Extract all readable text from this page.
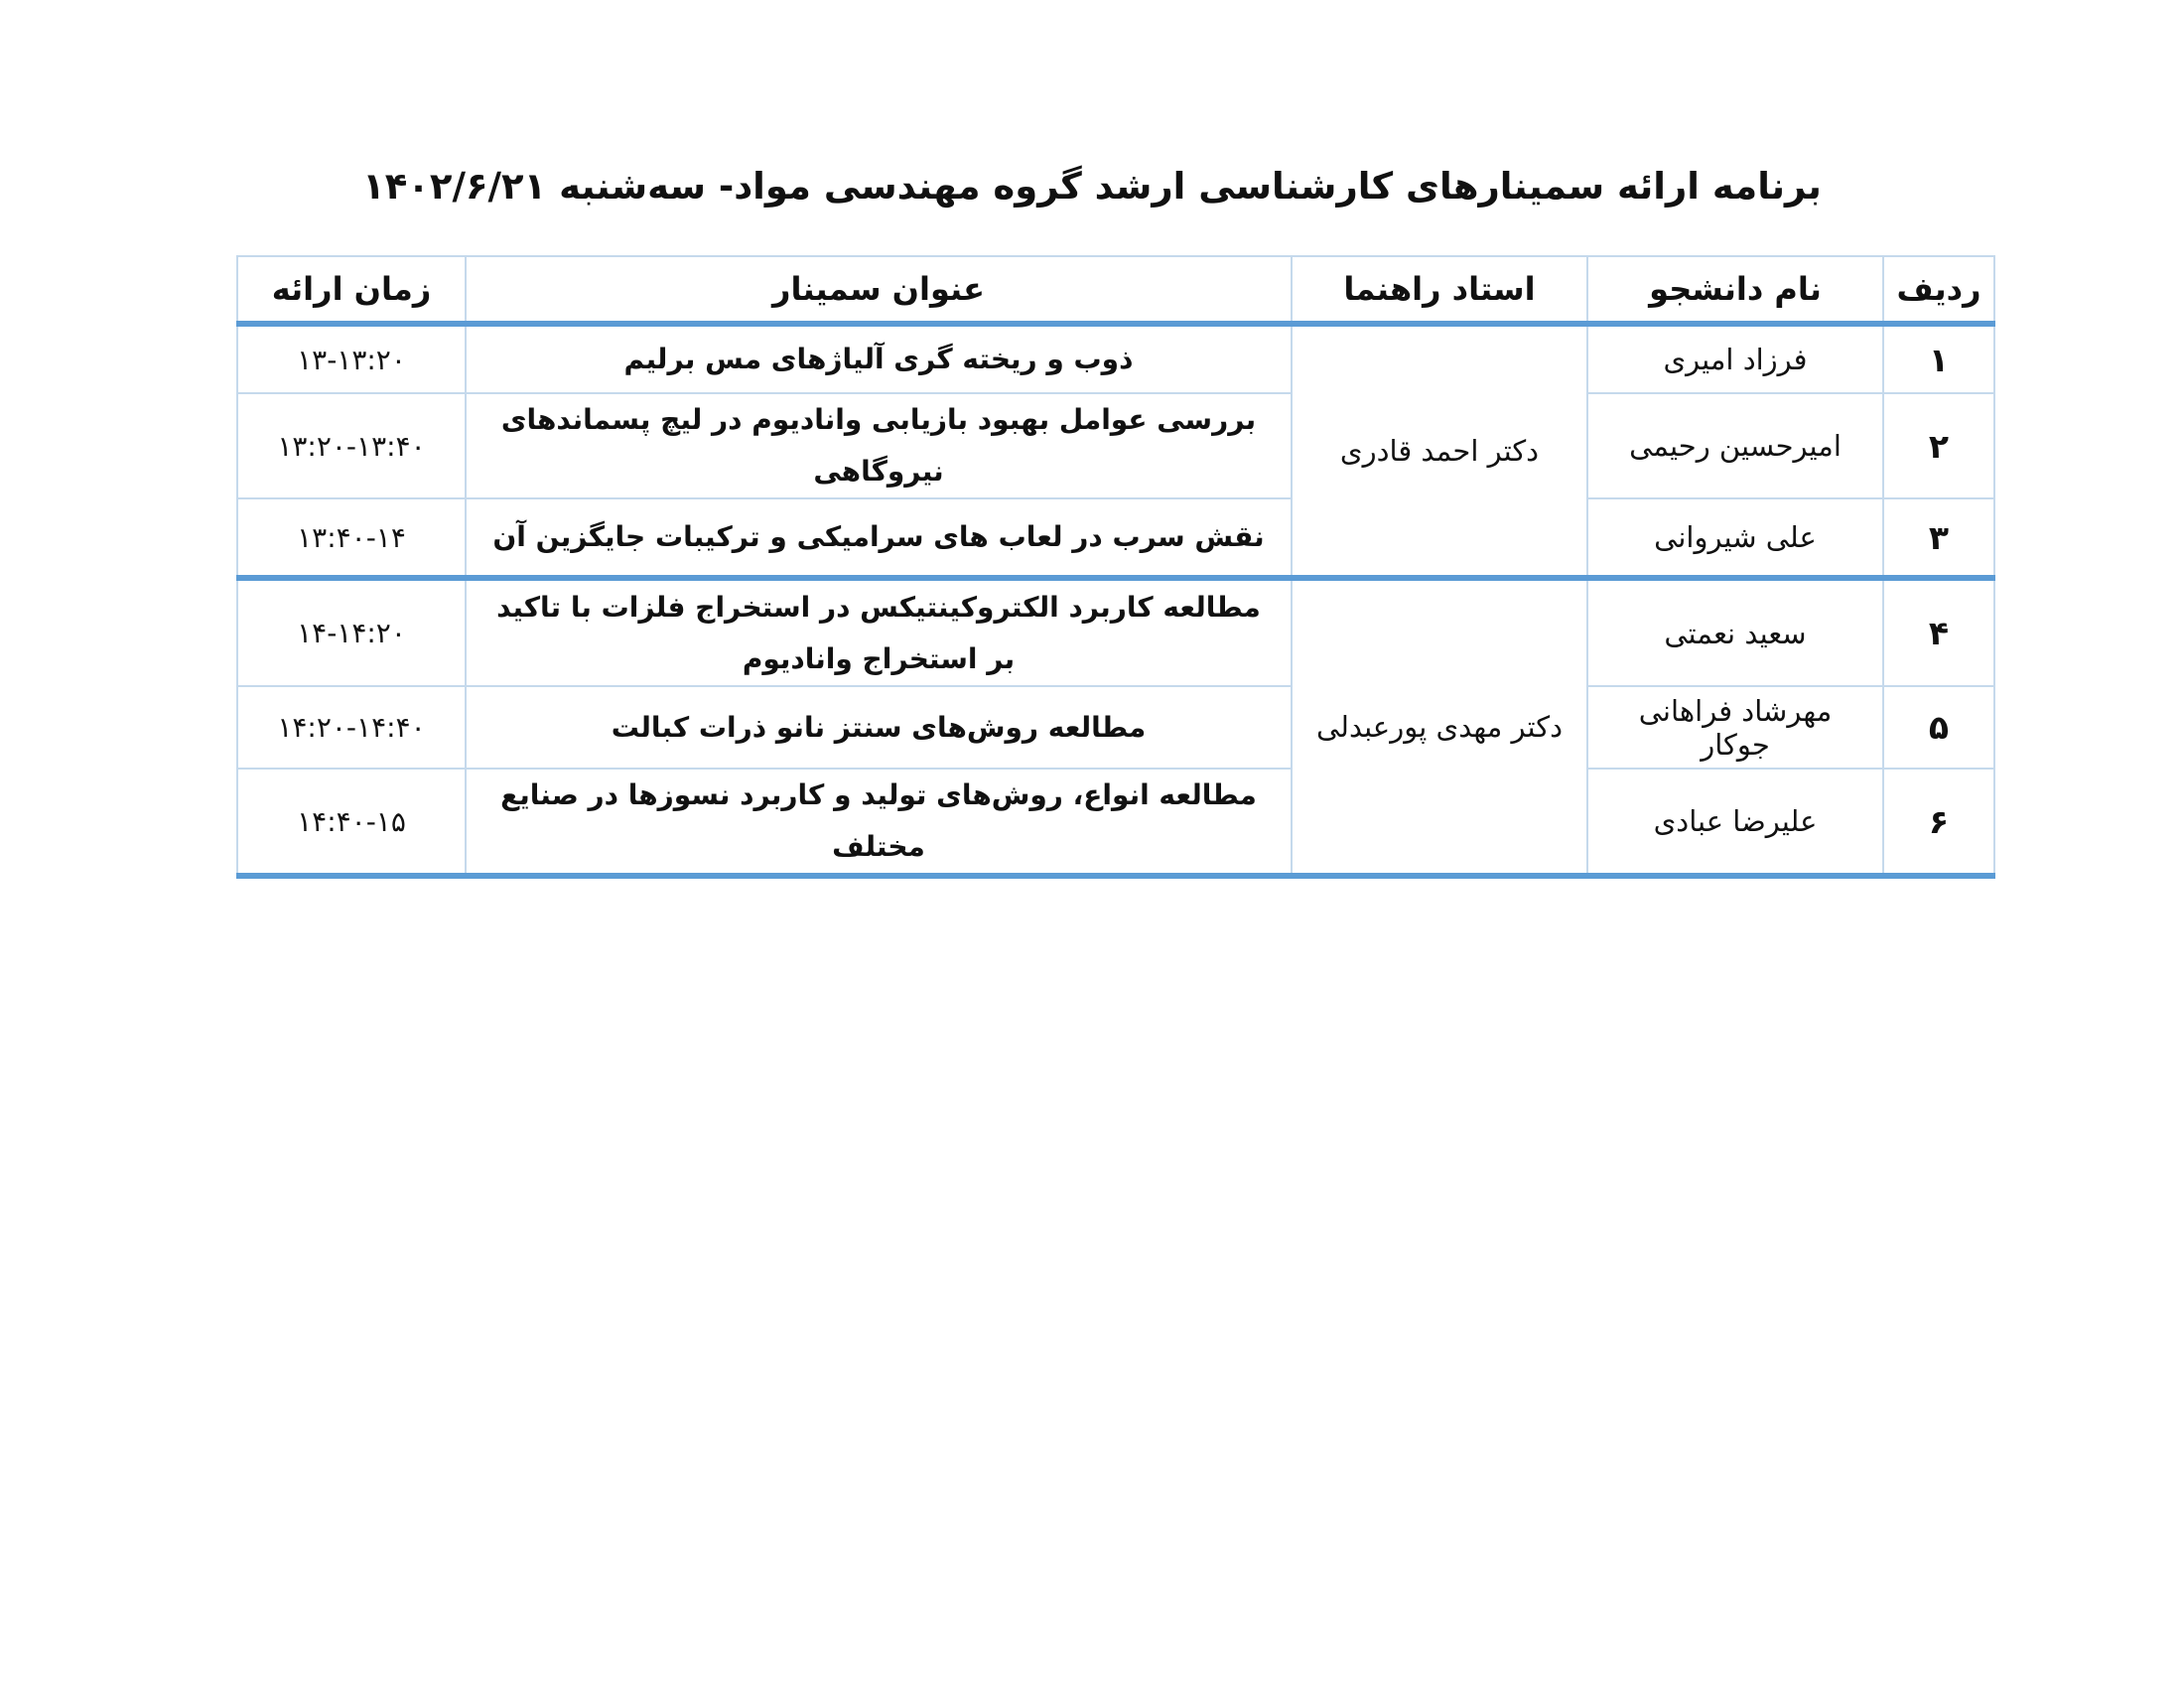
برنامه ارائه سمینارهای کارشناسی ارشد گروه مهندسی مواد- سه‌شنبه ۱۴۰۲/۶/۲۱
ردیف	نام دانشجو	استاد راهنما	عنوان سمینار	زمان ارائه
۱	فرزاد امیری	دکتر احمد قادری	ذوب و ریخته گری آلیاژهای مس برلیم	۱۳-۱۳:۲۰
۲	امیرحسین رحیمی		بررسی عوامل بهبود بازیابی وانادیوم در لیچ پسماندهای نیروگاهی	۱۳:۲۰-۱۳:۴۰
۳	علی شیروانی		نقش سرب در لعاب های سرامیکی و ترکیبات جایگزین آن	۱۳:۴۰-۱۴
۴	سعید نعمتی	دکتر مهدی پورعبدلی	مطالعه کاربرد الکتروکینتیکس در استخراج فلزات با تاکید بر استخراج وانادیوم	۱۴-۱۴:۲۰
۵	مهرشاد فراهانی جوکار		مطالعه روش‌های سنتز نانو ذرات کبالت	۱۴:۲۰-۱۴:۴۰
۶	علیرضا عبادی		مطالعه انواع، روش‌های تولید و کاربرد نسوزها در صنایع مختلف	۱۴:۴۰-۱۵
